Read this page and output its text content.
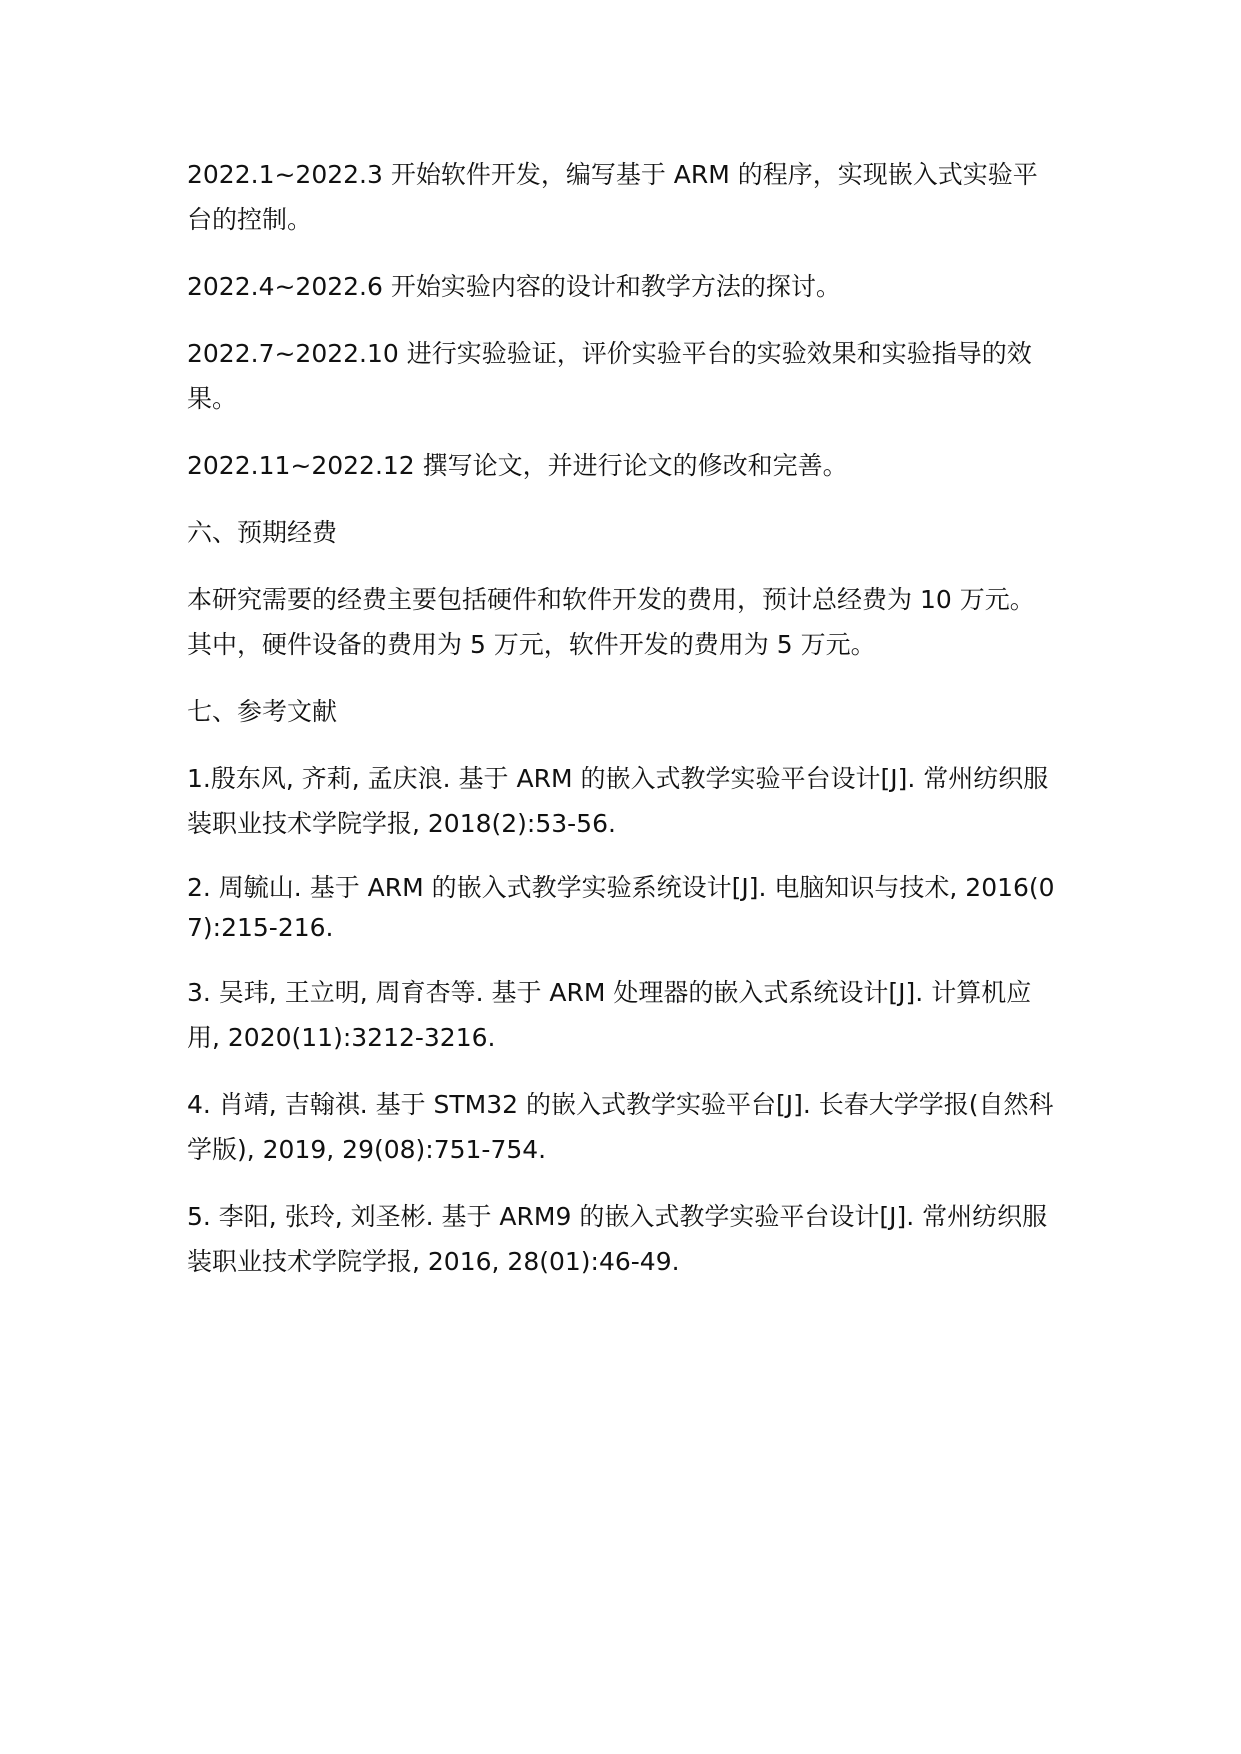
2022.1~2022.3 开始软件开发，编写基于 ARM 的程序，实现嵌入式实验平台的控制。

2022.4~2022.6 开始实验内容的设计和教学方法的探讨。

2022.7~2022.10 进行实验验证，评价实验平台的实验效果和实验指导的效果。

2022.11~2022.12 撰写论文，并进行论文的修改和完善。

六、预期经费

本研究需要的经费主要包括硬件和软件开发的费用，预计总经费为 10 万元。其中，硬件设备的费用为 5 万元，软件开发的费用为 5 万元。

七、参考文献

1.殷东风, 齐莉, 孟庆浪. 基于 ARM 的嵌入式教学实验平台设计[J]. 常州纺织服装职业技术学院学报, 2018(2):53-56.

2. 周毓山. 基于 ARM 的嵌入式教学实验系统设计[J]. 电脑知识与技术, 2016(07):215-216.

3. 吴玮, 王立明, 周育杏等. 基于 ARM 处理器的嵌入式系统设计[J]. 计算机应用, 2020(11):3212-3216.

4. 肖靖, 吉翰祺. 基于 STM32 的嵌入式教学实验平台[J]. 长春大学学报(自然科学版), 2019, 29(08):751-754.

5. 李阳, 张玲, 刘圣彬. 基于 ARM9 的嵌入式教学实验平台设计[J]. 常州纺织服装职业技术学院学报, 2016, 28(01):46-49.
